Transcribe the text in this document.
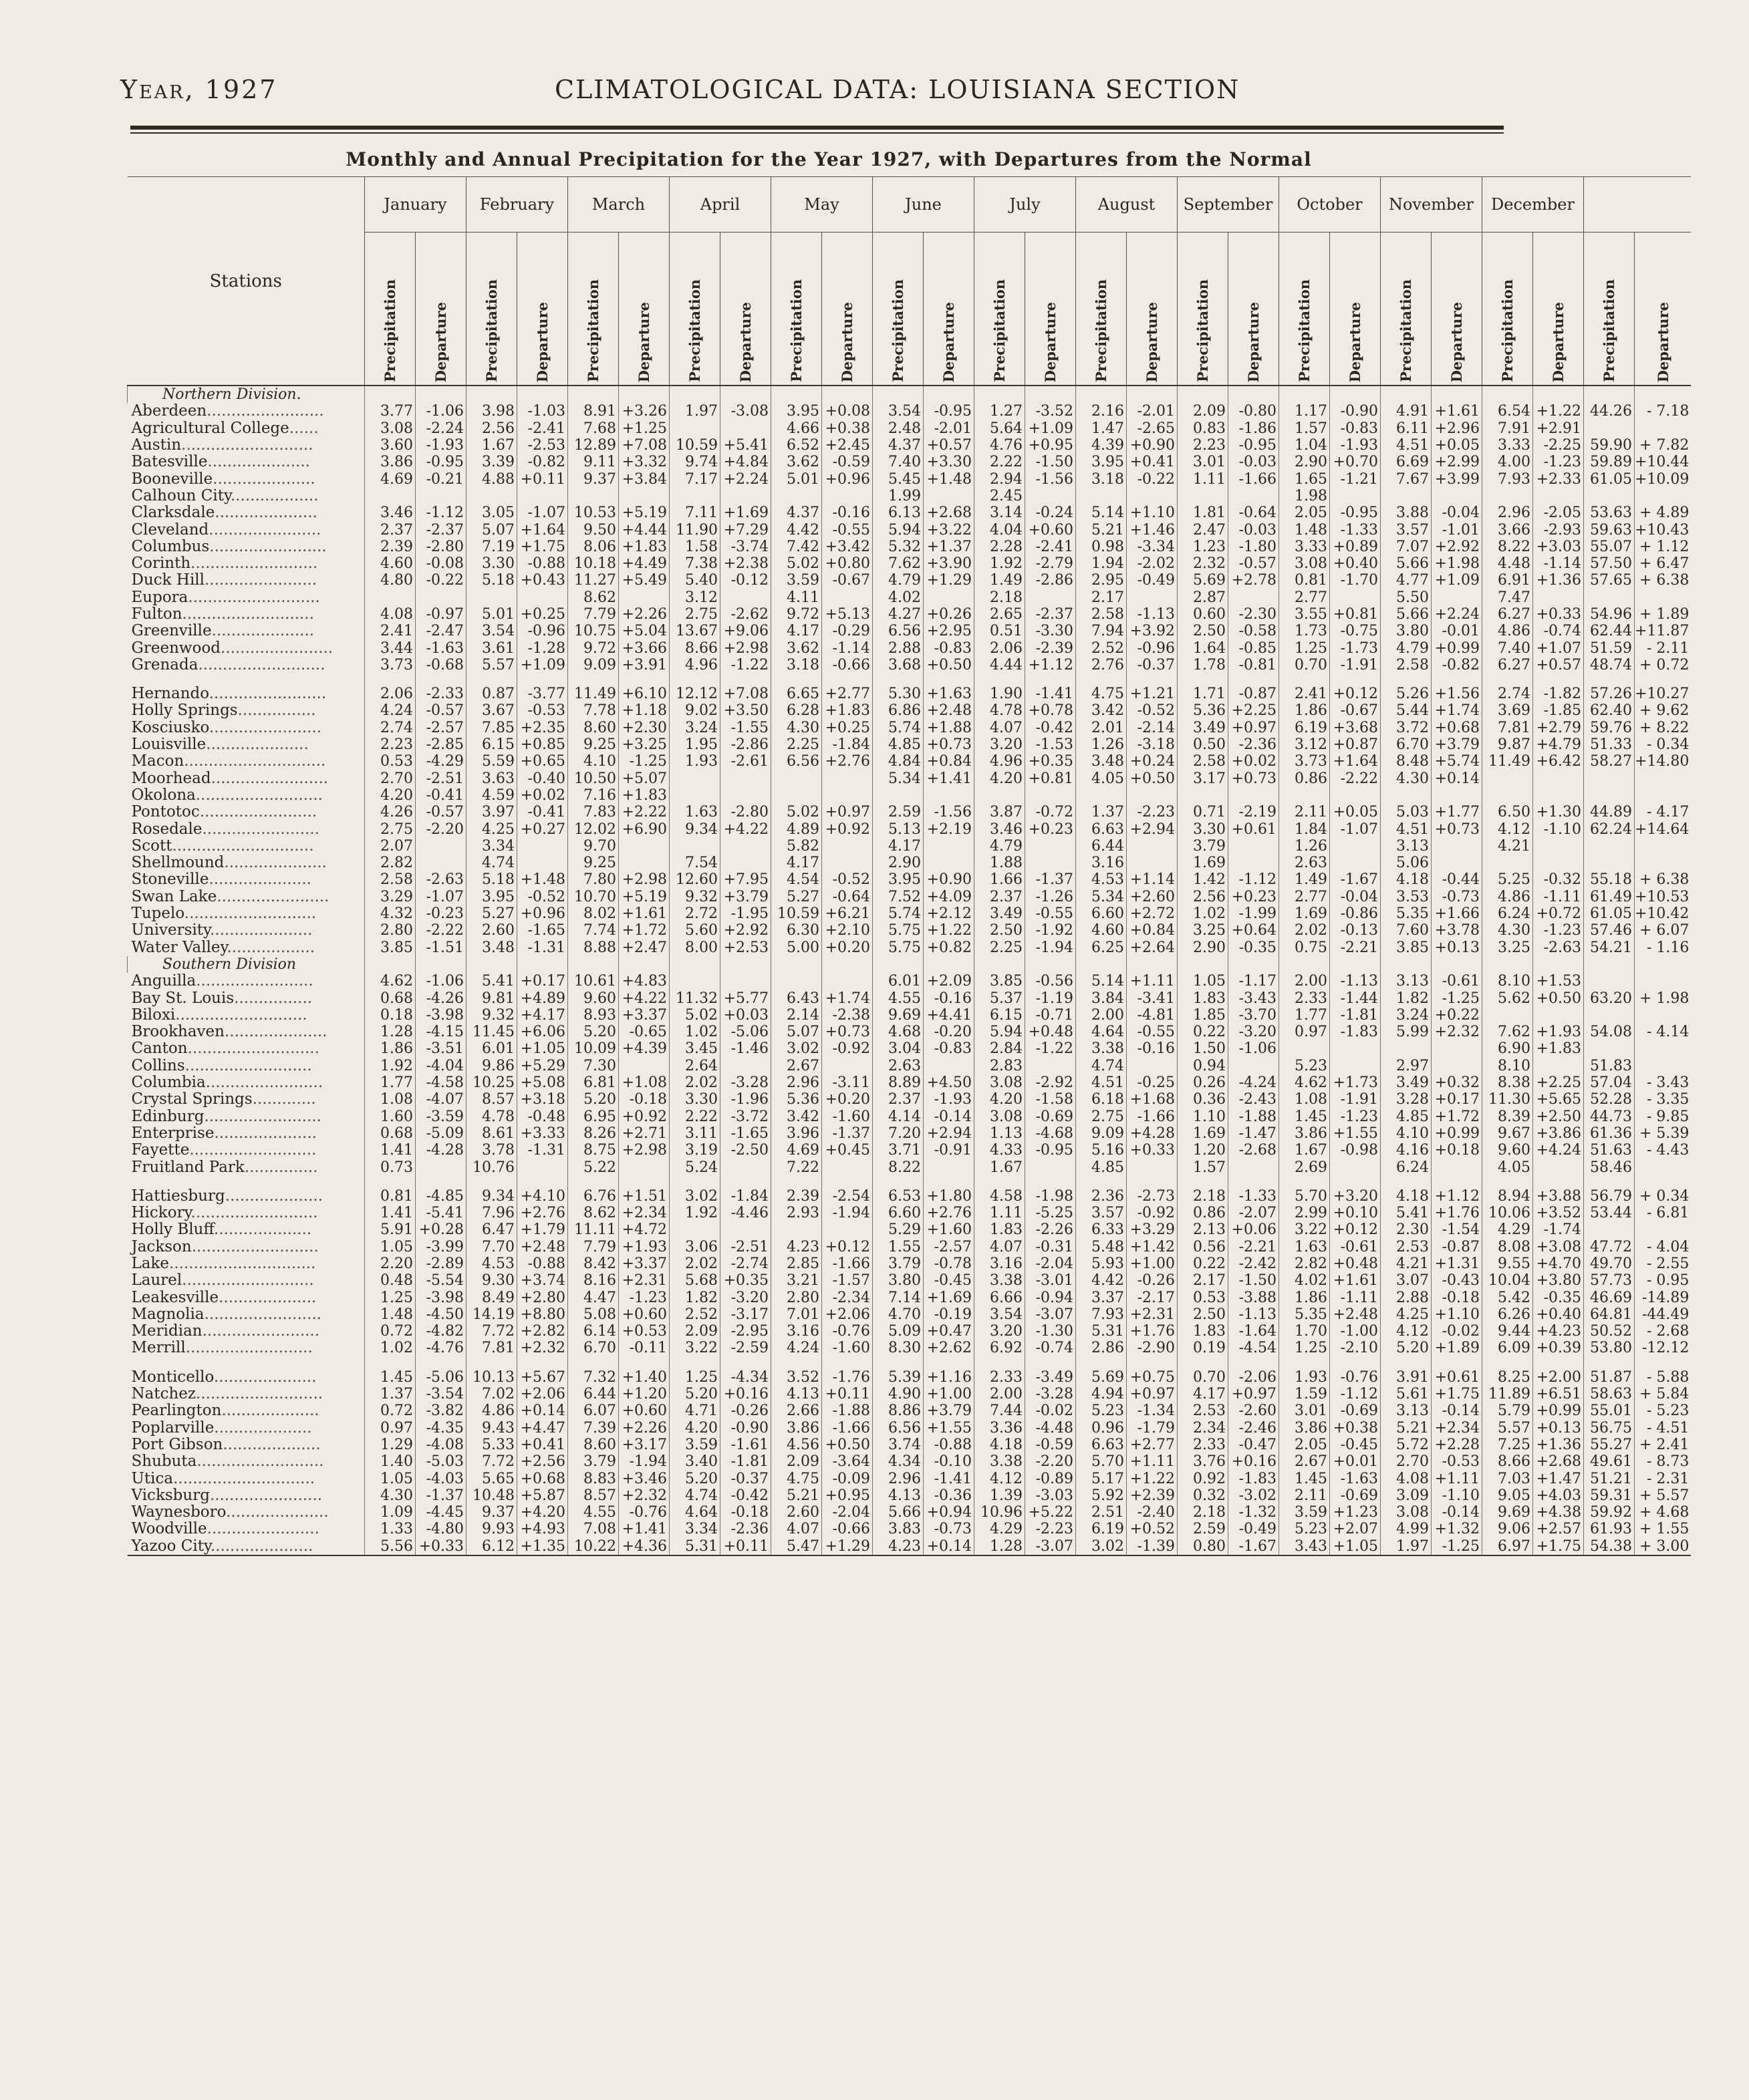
Year, 1927	CLIMATOLOGICAL DATA: LOUISIANA SECTION
Monthly and Annual Precipitation for the Year 1927, with Departures from the Normal
Stations	January		February		March		April		May		June		July		August		September		October		November		December			
	Precipitation	Departure	Precipitation	Departure	Precipitation	Departure	Precipitation	Departure	Precipitation	Departure	Precipitation	Departure	Precipitation	Departure	Precipitation	Departure	Precipitation	Departure	Precipitation	Departure	Precipitation	Departure	Precipitation	Departure	Precipitation	Departure
Northern Division.																										
Aberdeen........................	3.77	-1.06	3.98	-1.03	8.91	+3.26	1.97	-3.08	3.95	+0.08	3.54	-0.95	1.27	-3.52	2.16	-2.01	2.09	-0.80	1.17	-0.90	4.91	+1.61	6.54	+1.22	44.26	- 7.18
Agricultural College......	3.08	-2.24	2.56	-2.41	7.68	+1.25			4.66	+0.38	2.48	-2.01	5.64	+1.09	1.47	-2.65	0.83	-1.86	1.57	-0.83	6.11	+2.96	7.91	+2.91		
Austin...........................	3.60	-1.93	1.67	-2.53	12.89	+7.08	10.59	+5.41	6.52	+2.45	4.37	+0.57	4.76	+0.95	4.39	+0.90	2.23	-0.95	1.04	-1.93	4.51	+0.05	3.33	-2.25	59.90	+ 7.82
Batesville.....................	3.86	-0.95	3.39	-0.82	9.11	+3.32	9.74	+4.84	3.62	-0.59	7.40	+3.30	2.22	-1.50	3.95	+0.41	3.01	-0.03	2.90	+0.70	6.69	+2.99	4.00	-1.23	59.89	+10.44
Booneville.....................	4.69	-0.21	4.88	+0.11	9.37	+3.84	7.17	+2.24	5.01	+0.96	5.45	+1.48	2.94	-1.56	3.18	-0.22	1.11	-1.66	1.65	-1.21	7.67	+3.99	7.93	+2.33	61.05	+10.09
Calhoun City..................											1.99		2.45						1.98							
Clarksdale.....................	3.46	-1.12	3.05	-1.07	10.53	+5.19	7.11	+1.69	4.37	-0.16	6.13	+2.68	3.14	-0.24	5.14	+1.10	1.81	-0.64	2.05	-0.95	3.88	-0.04	2.96	-2.05	53.63	+ 4.89
Cleveland.......................	2.37	-2.37	5.07	+1.64	9.50	+4.44	11.90	+7.29	4.42	-0.55	5.94	+3.22	4.04	+0.60	5.21	+1.46	2.47	-0.03	1.48	-1.33	3.57	-1.01	3.66	-2.93	59.63	+10.43
Columbus........................	2.39	-2.80	7.19	+1.75	8.06	+1.83	1.58	-3.74	7.42	+3.42	5.32	+1.37	2.28	-2.41	0.98	-3.34	1.23	-1.80	3.33	+0.89	7.07	+2.92	8.22	+3.03	55.07	+ 1.12
Corinth..........................	4.60	-0.08	3.30	-0.88	10.18	+4.49	7.38	+2.38	5.02	+0.80	7.62	+3.90	1.92	-2.79	1.94	-2.02	2.32	-0.57	3.08	+0.40	5.66	+1.98	4.48	-1.14	57.50	+ 6.47
Duck Hill.......................	4.80	-0.22	5.18	+0.43	11.27	+5.49	5.40	-0.12	3.59	-0.67	4.79	+1.29	1.49	-2.86	2.95	-0.49	5.69	+2.78	0.81	-1.70	4.77	+1.09	6.91	+1.36	57.65	+ 6.38
Eupora...........................					8.62		3.12		4.11		4.02		2.18		2.17		2.87		2.77		5.50		7.47			
Fulton...........................	4.08	-0.97	5.01	+0.25	7.79	+2.26	2.75	-2.62	9.72	+5.13	4.27	+0.26	2.65	-2.37	2.58	-1.13	0.60	-2.30	3.55	+0.81	5.66	+2.24	6.27	+0.33	54.96	+ 1.89
Greenville.....................	2.41	-2.47	3.54	-0.96	10.75	+5.04	13.67	+9.06	4.17	-0.29	6.56	+2.95	0.51	-3.30	7.94	+3.92	2.50	-0.58	1.73	-0.75	3.80	-0.01	4.86	-0.74	62.44	+11.87
Greenwood.......................	3.44	-1.63	3.61	-1.28	9.72	+3.66	8.66	+2.98	3.62	-1.14	2.88	-0.83	2.06	-2.39	2.52	-0.96	1.64	-0.85	1.25	-1.73	4.79	+0.99	7.40	+1.07	51.59	- 2.11
Grenada..........................	3.73	-0.68	5.57	+1.09	9.09	+3.91	4.96	-1.22	3.18	-0.66	3.68	+0.50	4.44	+1.12	2.76	-0.37	1.78	-0.81	0.70	-1.91	2.58	-0.82	6.27	+0.57	48.74	+ 0.72

Hernando........................	2.06	-2.33	0.87	-3.77	11.49	+6.10	12.12	+7.08	6.65	+2.77	5.30	+1.63	1.90	-1.41	4.75	+1.21	1.71	-0.87	2.41	+0.12	5.26	+1.56	2.74	-1.82	57.26	+10.27
Holly Springs................	4.24	-0.57	3.67	-0.53	7.78	+1.18	9.02	+3.50	6.28	+1.83	6.86	+2.48	4.78	+0.78	3.42	-0.52	5.36	+2.25	1.86	-0.67	5.44	+1.74	3.69	-1.85	62.40	+ 9.62
Kosciusko.......................	2.74	-2.57	7.85	+2.35	8.60	+2.30	3.24	-1.55	4.30	+0.25	5.74	+1.88	4.07	-0.42	2.01	-2.14	3.49	+0.97	6.19	+3.68	3.72	+0.68	7.81	+2.79	59.76	+ 8.22
Louisville.....................	2.23	-2.85	6.15	+0.85	9.25	+3.25	1.95	-2.86	2.25	-1.84	4.85	+0.73	3.20	-1.53	1.26	-3.18	0.50	-2.36	3.12	+0.87	6.70	+3.79	9.87	+4.79	51.33	- 0.34
Macon.............................	0.53	-4.29	5.59	+0.65	4.10	-1.25	1.93	-2.61	6.56	+2.76	4.84	+0.84	4.96	+0.35	3.48	+0.24	2.58	+0.02	3.73	+1.64	8.48	+5.74	11.49	+6.42	58.27	+14.80
Moorhead........................	2.70	-2.51	3.63	-0.40	10.50	+5.07					5.34	+1.41	4.20	+0.81	4.05	+0.50	3.17	+0.73	0.86	-2.22	4.30	+0.14				
Okolona..........................	4.20	-0.41	4.59	+0.02	7.16	+1.83																				
Pontotoc........................	4.26	-0.57	3.97	-0.41	7.83	+2.22	1.63	-2.80	5.02	+0.97	2.59	-1.56	3.87	-0.72	1.37	-2.23	0.71	-2.19	2.11	+0.05	5.03	+1.77	6.50	+1.30	44.89	- 4.17
Rosedale........................	2.75	-2.20	4.25	+0.27	12.02	+6.90	9.34	+4.22	4.89	+0.92	5.13	+2.19	3.46	+0.23	6.63	+2.94	3.30	+0.61	1.84	-1.07	4.51	+0.73	4.12	-1.10	62.24	+14.64
Scott.............................	2.07		3.34		9.70				5.82		4.17		4.79		6.44		3.79		1.26		3.13		4.21			
Shellmound.....................	2.82		4.74		9.25		7.54		4.17		2.90		1.88		3.16		1.69		2.63		5.06					
Stoneville.....................	2.58	-2.63	5.18	+1.48	7.80	+2.98	12.60	+7.95	4.54	-0.52	3.95	+0.90	1.66	-1.37	4.53	+1.14	1.42	-1.12	1.49	-1.67	4.18	-0.44	5.25	-0.32	55.18	+ 6.38
Swan Lake.......................	3.29	-1.07	3.95	-0.52	10.70	+5.19	9.32	+3.79	5.27	-0.64	7.52	+4.09	2.37	-1.26	5.34	+2.60	2.56	+0.23	2.77	-0.04	3.53	-0.73	4.86	-1.11	61.49	+10.53
Tupelo...........................	4.32	-0.23	5.27	+0.96	8.02	+1.61	2.72	-1.95	10.59	+6.21	5.74	+2.12	3.49	-0.55	6.60	+2.72	1.02	-1.99	1.69	-0.86	5.35	+1.66	6.24	+0.72	61.05	+10.42
University.....................	2.80	-2.22	2.60	-1.65	7.74	+1.72	5.60	+2.92	6.30	+2.10	5.75	+1.22	2.50	-1.92	4.60	+0.84	3.25	+0.64	2.02	-0.13	7.60	+3.78	4.30	-1.23	57.46	+ 6.07
Water Valley..................	3.85	-1.51	3.48	-1.31	8.88	+2.47	8.00	+2.53	5.00	+0.20	5.75	+0.82	2.25	-1.94	6.25	+2.64	2.90	-0.35	0.75	-2.21	3.85	+0.13	3.25	-2.63	54.21	- 1.16
Southern Division																										
Anguilla........................	4.62	-1.06	5.41	+0.17	10.61	+4.83					6.01	+2.09	3.85	-0.56	5.14	+1.11	1.05	-1.17	2.00	-1.13	3.13	-0.61	8.10	+1.53		
Bay St. Louis................	0.68	-4.26	9.81	+4.89	9.60	+4.22	11.32	+5.77	6.43	+1.74	4.55	-0.16	5.37	-1.19	3.84	-3.41	1.83	-3.43	2.33	-1.44	1.82	-1.25	5.62	+0.50	63.20	+ 1.98
Biloxi...........................	0.18	-3.98	9.32	+4.17	8.93	+3.37	5.02	+0.03	2.14	-2.38	9.69	+4.41	6.15	-0.71	2.00	-4.81	1.85	-3.70	1.77	-1.81	3.24	+0.22				
Brookhaven.....................	1.28	-4.15	11.45	+6.06	5.20	-0.65	1.02	-5.06	5.07	+0.73	4.68	-0.20	5.94	+0.48	4.64	-0.55	0.22	-3.20	0.97	-1.83	5.99	+2.32	7.62	+1.93	54.08	- 4.14
Canton...........................	1.86	-3.51	6.01	+1.05	10.09	+4.39	3.45	-1.46	3.02	-0.92	3.04	-0.83	2.84	-1.22	3.38	-0.16	1.50	-1.06					6.90	+1.83		
Collins..........................	1.92	-4.04	9.86	+5.29	7.30		2.64		2.67		2.63		2.83		4.74		0.94		5.23		2.97		8.10		51.83	
Columbia........................	1.77	-4.58	10.25	+5.08	6.81	+1.08	2.02	-3.28	2.96	-3.11	8.89	+4.50	3.08	-2.92	4.51	-0.25	0.26	-4.24	4.62	+1.73	3.49	+0.32	8.38	+2.25	57.04	- 3.43
Crystal Springs.............	1.08	-4.07	8.57	+3.18	5.20	-0.18	3.30	-1.96	5.36	+0.20	2.37	-1.93	4.20	-1.58	6.18	+1.68	0.36	-2.43	1.08	-1.91	3.28	+0.17	11.30	+5.65	52.28	- 3.35
Edinburg........................	1.60	-3.59	4.78	-0.48	6.95	+0.92	2.22	-3.72	3.42	-1.60	4.14	-0.14	3.08	-0.69	2.75	-1.66	1.10	-1.88	1.45	-1.23	4.85	+1.72	8.39	+2.50	44.73	- 9.85
Enterprise.....................	0.68	-5.09	8.61	+3.33	8.26	+2.71	3.11	-1.65	3.96	-1.37	7.20	+2.94	1.13	-4.68	9.09	+4.28	1.69	-1.47	3.86	+1.55	4.10	+0.99	9.67	+3.86	61.36	+ 5.39
Fayette..........................	1.41	-4.28	3.78	-1.31	8.75	+2.98	3.19	-2.50	4.69	+0.45	3.71	-0.91	4.33	-0.95	5.16	+0.33	1.20	-2.68	1.67	-0.98	4.16	+0.18	9.60	+4.24	51.63	- 4.43
Fruitland Park...............	0.73		10.76		5.22		5.24		7.22		8.22		1.67		4.85		1.57		2.69		6.24		4.05		58.46	

Hattiesburg....................	0.81	-4.85	9.34	+4.10	6.76	+1.51	3.02	-1.84	2.39	-2.54	6.53	+1.80	4.58	-1.98	2.36	-2.73	2.18	-1.33	5.70	+3.20	4.18	+1.12	8.94	+3.88	56.79	+ 0.34
Hickory..........................	1.41	-5.41	7.96	+2.76	8.62	+2.34	1.92	-4.46	2.93	-1.94	6.60	+2.76	1.11	-5.25	3.57	-0.92	0.86	-2.07	2.99	+0.10	5.41	+1.76	10.06	+3.52	53.44	- 6.81
Holly Bluff....................	5.91	+0.28	6.47	+1.79	11.11	+4.72					5.29	+1.60	1.83	-2.26	6.33	+3.29	2.13	+0.06	3.22	+0.12	2.30	-1.54	4.29	-1.74		
Jackson..........................	1.05	-3.99	7.70	+2.48	7.79	+1.93	3.06	-2.51	4.23	+0.12	1.55	-2.57	4.07	-0.31	5.48	+1.42	0.56	-2.21	1.63	-0.61	2.53	-0.87	8.08	+3.08	47.72	- 4.04
Lake..............................	2.20	-2.89	4.53	-0.88	8.42	+3.37	2.02	-2.74	2.85	-1.66	3.79	-0.78	3.16	-2.04	5.93	+1.00	0.22	-2.42	2.82	+0.48	4.21	+1.31	9.55	+4.70	49.70	- 2.55
Laurel...........................	0.48	-5.54	9.30	+3.74	8.16	+2.31	5.68	+0.35	3.21	-1.57	3.80	-0.45	3.38	-3.01	4.42	-0.26	2.17	-1.50	4.02	+1.61	3.07	-0.43	10.04	+3.80	57.73	- 0.95
Leakesville....................	1.25	-3.98	8.49	+2.80	4.47	-1.23	1.82	-3.20	2.80	-2.34	7.14	+1.69	6.66	-0.94	3.37	-2.17	0.53	-3.88	1.86	-1.11	2.88	-0.18	5.42	-0.35	46.69	-14.89
Magnolia........................	1.48	-4.50	14.19	+8.80	5.08	+0.60	2.52	-3.17	7.01	+2.06	4.70	-0.19	3.54	-3.07	7.93	+2.31	2.50	-1.13	5.35	+2.48	4.25	+1.10	6.26	+0.40	64.81	-44.49
Meridian........................	0.72	-4.82	7.72	+2.82	6.14	+0.53	2.09	-2.95	3.16	-0.76	5.09	+0.47	3.20	-1.30	5.31	+1.76	1.83	-1.64	1.70	-1.00	4.12	-0.02	9.44	+4.23	50.52	- 2.68
Merrill..........................	1.02	-4.76	7.81	+2.32	6.70	-0.11	3.22	-2.59	4.24	-1.60	8.30	+2.62	6.92	-0.74	2.86	-2.90	0.19	-4.54	1.25	-2.10	5.20	+1.89	6.09	+0.39	53.80	-12.12

Monticello.....................	1.45	-5.06	10.13	+5.67	7.32	+1.40	1.25	-4.34	3.52	-1.76	5.39	+1.16	2.33	-3.49	5.69	+0.75	0.70	-2.06	1.93	-0.76	3.91	+0.61	8.25	+2.00	51.87	- 5.88
Natchez..........................	1.37	-3.54	7.02	+2.06	6.44	+1.20	5.20	+0.16	4.13	+0.11	4.90	+1.00	2.00	-3.28	4.94	+0.97	4.17	+0.97	1.59	-1.12	5.61	+1.75	11.89	+6.51	58.63	+ 5.84
Pearlington....................	0.72	-3.82	4.86	+0.14	6.07	+0.60	4.71	-0.26	2.66	-1.88	8.86	+3.79	7.44	-0.02	5.23	-1.34	2.53	-2.60	3.01	-0.69	3.13	-0.14	5.79	+0.99	55.01	- 5.23
Poplarville....................	0.97	-4.35	9.43	+4.47	7.39	+2.26	4.20	-0.90	3.86	-1.66	6.56	+1.55	3.36	-4.48	0.96	-1.79	2.34	-2.46	3.86	+0.38	5.21	+2.34	5.57	+0.13	56.75	- 4.51
Port Gibson....................	1.29	-4.08	5.33	+0.41	8.60	+3.17	3.59	-1.61	4.56	+0.50	3.74	-0.88	4.18	-0.59	6.63	+2.77	2.33	-0.47	2.05	-0.45	5.72	+2.28	7.25	+1.36	55.27	+ 2.41
Shubuta..........................	1.40	-5.03	7.72	+2.56	3.79	-1.94	3.40	-1.81	2.09	-3.64	4.34	-0.10	3.38	-2.20	5.70	+1.11	3.76	+0.16	2.67	+0.01	2.70	-0.53	8.66	+2.68	49.61	- 8.73
Utica.............................	1.05	-4.03	5.65	+0.68	8.83	+3.46	5.20	-0.37	4.75	-0.09	2.96	-1.41	4.12	-0.89	5.17	+1.22	0.92	-1.83	1.45	-1.63	4.08	+1.11	7.03	+1.47	51.21	- 2.31
Vicksburg.......................	4.30	-1.37	10.48	+5.87	8.57	+2.32	4.74	-0.42	5.21	+0.95	4.13	-0.36	1.39	-3.03	5.92	+2.39	0.32	-3.02	2.11	-0.69	3.09	-1.10	9.05	+4.03	59.31	+ 5.57
Waynesboro.....................	1.09	-4.45	9.37	+4.20	4.55	-0.76	4.64	-0.18	2.60	-2.04	5.66	+0.94	10.96	+5.22	2.51	-2.40	2.18	-1.32	3.59	+1.23	3.08	-0.14	9.69	+4.38	59.92	+ 4.68
Woodville.......................	1.33	-4.80	9.93	+4.93	7.08	+1.41	3.34	-2.36	4.07	-0.66	3.83	-0.73	4.29	-2.23	6.19	+0.52	2.59	-0.49	5.23	+2.07	4.99	+1.32	9.06	+2.57	61.93	+ 1.55
Yazoo City.....................	5.56	+0.33	6.12	+1.35	10.22	+4.36	5.31	+0.11	5.47	+1.29	4.23	+0.14	1.28	-3.07	3.02	-1.39	0.80	-1.67	3.43	+1.05	1.97	-1.25	6.97	+1.75	54.38	+ 3.00
